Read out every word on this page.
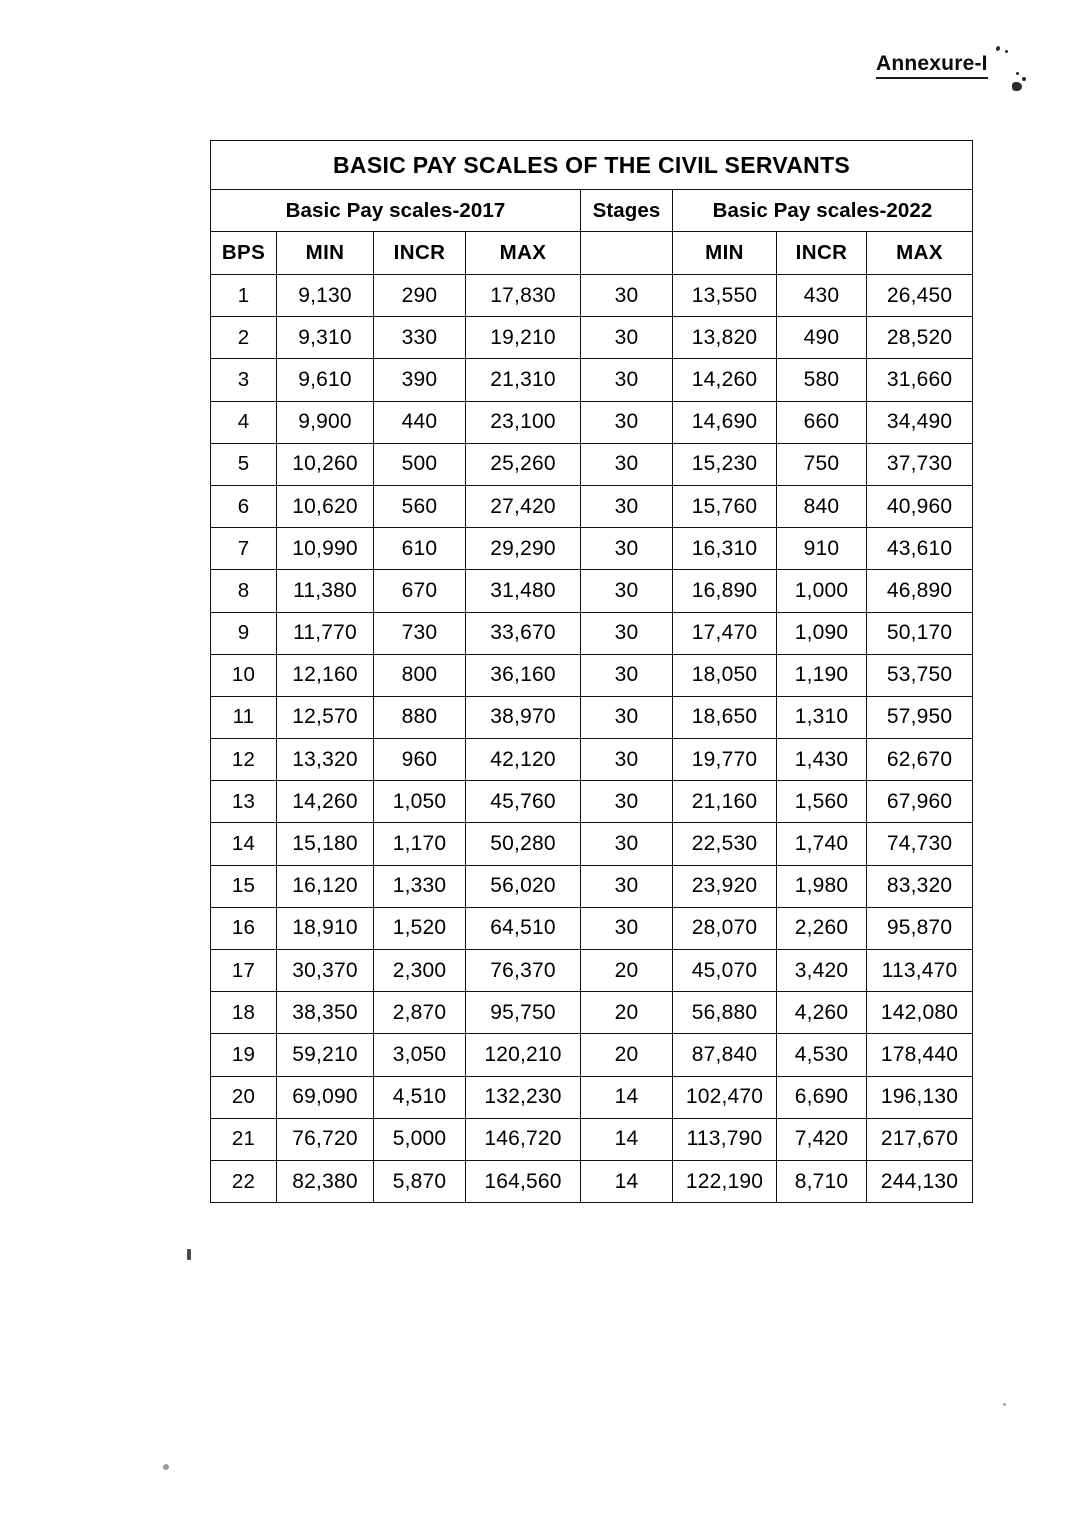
Annexure-I
BASIC PAY SCALES OF THE CIVIL SERVANTS							
Basic Pay scales-2017				Stages	Basic Pay scales-2022		
BPS	MIN	INCR	MAX		MIN	INCR	MAX
1	9,130	290	17,830	30	13,550	430	26,450
2	9,310	330	19,210	30	13,820	490	28,520
3	9,610	390	21,310	30	14,260	580	31,660
4	9,900	440	23,100	30	14,690	660	34,490
5	10,260	500	25,260	30	15,230	750	37,730
6	10,620	560	27,420	30	15,760	840	40,960
7	10,990	610	29,290	30	16,310	910	43,610
8	11,380	670	31,480	30	16,890	1,000	46,890
9	11,770	730	33,670	30	17,470	1,090	50,170
10	12,160	800	36,160	30	18,050	1,190	53,750
11	12,570	880	38,970	30	18,650	1,310	57,950
12	13,320	960	42,120	30	19,770	1,430	62,670
13	14,260	1,050	45,760	30	21,160	1,560	67,960
14	15,180	1,170	50,280	30	22,530	1,740	74,730
15	16,120	1,330	56,020	30	23,920	1,980	83,320
16	18,910	1,520	64,510	30	28,070	2,260	95,870
17	30,370	2,300	76,370	20	45,070	3,420	113,470
18	38,350	2,870	95,750	20	56,880	4,260	142,080
19	59,210	3,050	120,210	20	87,840	4,530	178,440
20	69,090	4,510	132,230	14	102,470	6,690	196,130
21	76,720	5,000	146,720	14	113,790	7,420	217,670
22	82,380	5,870	164,560	14	122,190	8,710	244,130
